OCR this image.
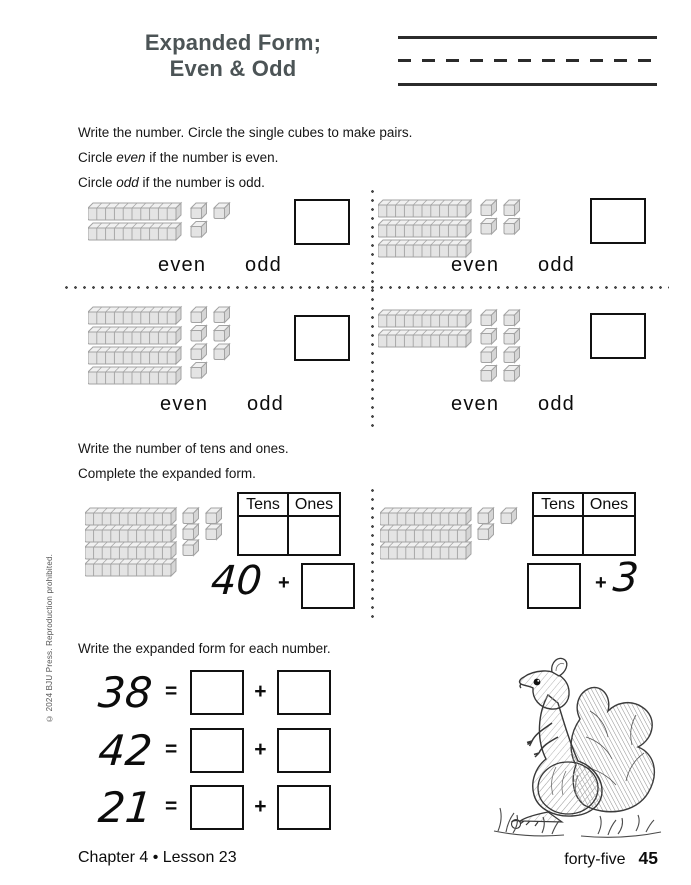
Expanded Form;
Even & Odd
Write the number. Circle the single cubes to make pairs.
Circle even if the number is even.
Circle odd if the number is odd.
even odd	even odd
even odd	even odd
Write the number of tens and ones.
Complete the expanded form.
Tens Ones
40 +
Tens Ones
+ 3
Write the expanded form for each number.
38 =	+
42 =	+
21 =	+
© 2024 BJU Press. Reproduction prohibited.
Chapter 4 • Lesson 23	forty-five 45
